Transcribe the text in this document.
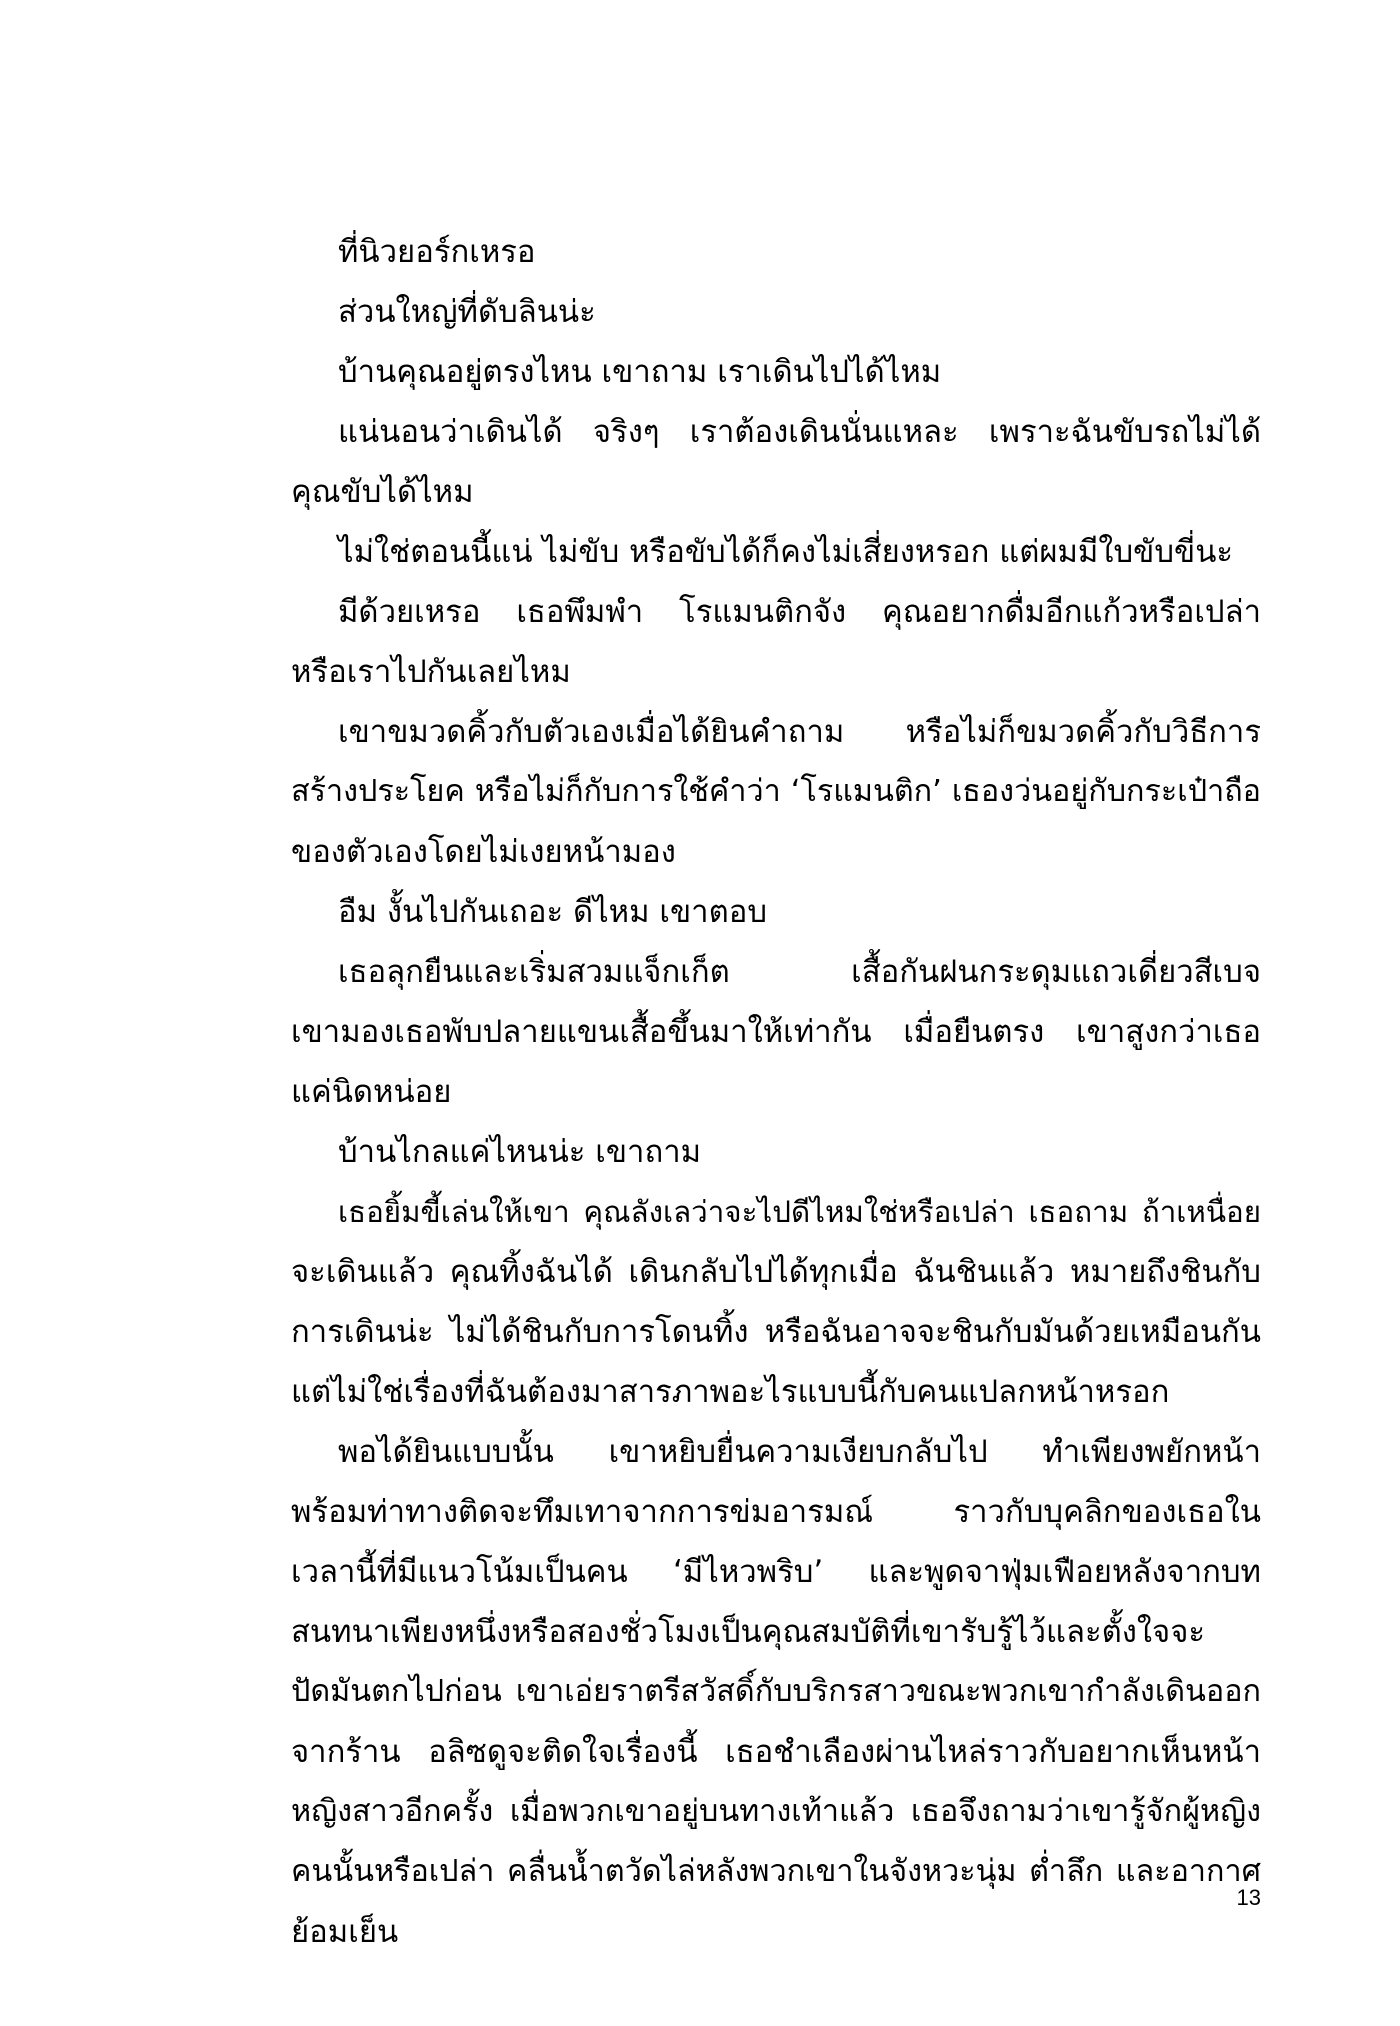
ที่นิวยอร์กเหรอ
ส่วนใหญ่ที่ดับลินน่ะ
บ้านคุณอยู่ตรงไหน เขาถาม เราเดินไปได้ไหม
แน่นอนว่าเดินได้ จริงๆ เราต้องเดินนั่นแหละ เพราะฉันขับรถไม่ได้
คุณขับได้ไหม
ไม่ใช่ตอนนี้แน่ ไม่ขับ หรือขับได้ก็คงไม่เสี่ยงหรอก แต่ผมมีใบขับขี่นะ
มีด้วยเหรอ เธอพึมพำ โรแมนติกจัง คุณอยากดื่มอีกแก้วหรือเปล่า
หรือเราไปกันเลยไหม
เขาขมวดคิ้วกับตัวเองเมื่อได้ยินคำถาม หรือไม่ก็ขมวดคิ้วกับวิธีการ
สร้างประโยค หรือไม่ก็กับการใช้คำว่า ‘โรแมนติก’ เธองว่นอยู่กับกระเป๋าถือ
ของตัวเองโดยไม่เงยหน้ามอง
อืม งั้นไปกันเถอะ ดีไหม เขาตอบ
เธอลุกยืนและเริ่มสวมแจ็กเก็ต เสื้อกันฝนกระดุมแถวเดี่ยวสีเบจ
เขามองเธอพับปลายแขนเสื้อขึ้นมาให้เท่ากัน เมื่อยืนตรง เขาสูงกว่าเธอ
แค่นิดหน่อย
บ้านไกลแค่ไหนน่ะ เขาถาม
เธอยิ้มขี้เล่นให้เขา คุณลังเลว่าจะไปดีไหมใช่หรือเปล่า เธอถาม ถ้าเหนื่อย
จะเดินแล้ว คุณทิ้งฉันได้ เดินกลับไปได้ทุกเมื่อ ฉันชินแล้ว หมายถึงชินกับ
การเดินน่ะ ไม่ได้ชินกับการโดนทิ้ง หรือฉันอาจจะชินกับมันด้วยเหมือนกัน
แต่ไม่ใช่เรื่องที่ฉันต้องมาสารภาพอะไรแบบนี้กับคนแปลกหน้าหรอก
พอได้ยินแบบนั้น เขาหยิบยื่นความเงียบกลับไป ทำเพียงพยักหน้า
พร้อมท่าทางติดจะทึมเทาจากการข่มอารมณ์ ราวกับบุคลิกของเธอใน
เวลานี้ที่มีแนวโน้มเป็นคน ‘มีไหวพริบ’ และพูดจาฟุ่มเฟือยหลังจากบท
สนทนาเพียงหนึ่งหรือสองชั่วโมงเป็นคุณสมบัติที่เขารับรู้ไว้และตั้งใจจะ
ปัดมันตกไปก่อน เขาเอ่ยราตรีสวัสดิ์กับบริกรสาวขณะพวกเขากำลังเดินออก
จากร้าน อลิซดูจะติดใจเรื่องนี้ เธอชำเลืองผ่านไหล่ราวกับอยากเห็นหน้า
หญิงสาวอีกครั้ง เมื่อพวกเขาอยู่บนทางเท้าแล้ว เธอจึงถามว่าเขารู้จักผู้หญิง
คนนั้นหรือเปล่า คลื่นน้ำตวัดไล่หลังพวกเขาในจังหวะนุ่ม ต่ำลึก และอากาศ
ย้อมเย็น
13
